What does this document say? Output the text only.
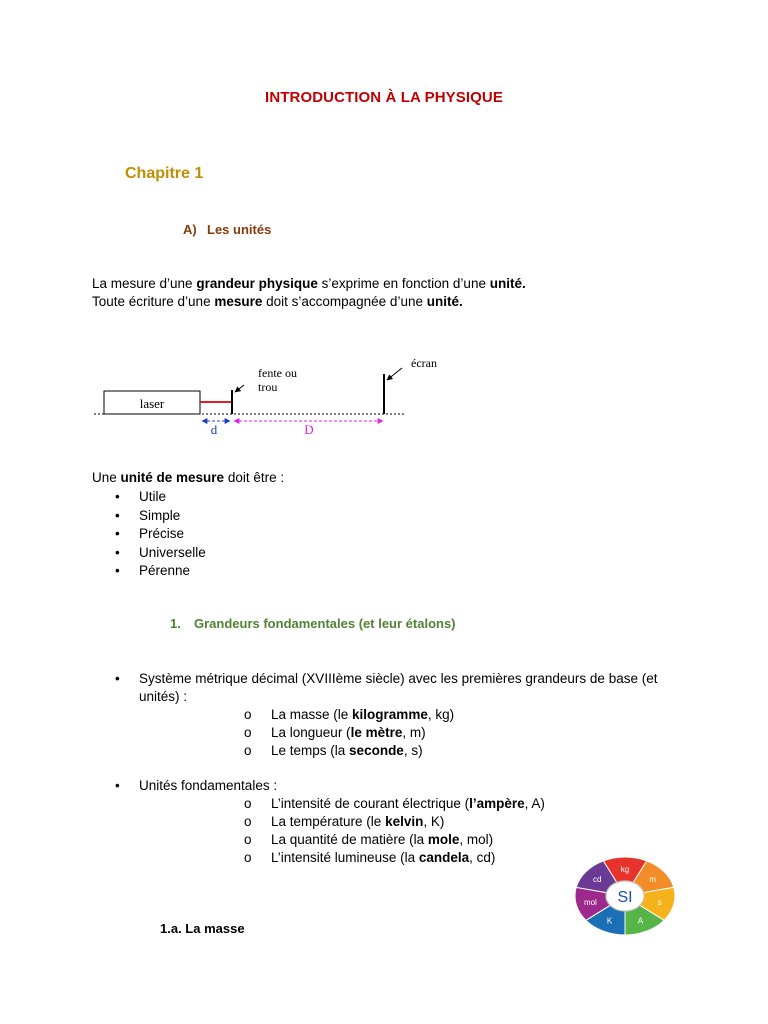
INTRODUCTION À LA PHYSIQUE
Chapitre 1
A) Les unités
La mesure d’une grandeur physique s’exprime en fonction d’une unité.
Toute écriture d’une mesure doit s’accompagnée d’une unité.
laser
fente ou
trou
écran
d	D
Une unité de mesure doit être :
•	Utile
•	Simple
•	Précise
•	Universelle
•	Pérenne
1. Grandeurs fondamentales (et leur étalons)
• Système métrique décimal (XVIIIème siècle) avec les premières grandeurs de base (et
unités) :
o La masse (le kilogramme, kg)
o La longueur (le mètre, m)
o Le temps (la seconde, s)
• Unités fondamentales :
o L’intensité de courant électrique (l’ampère, A)
o La température (le kelvin, K)
o La quantité de matière (la mole, mol)
o L’intensité lumineuse (la candela, cd)
kg
m
s
A
K
mol
cd
SI
1.a. La masse
